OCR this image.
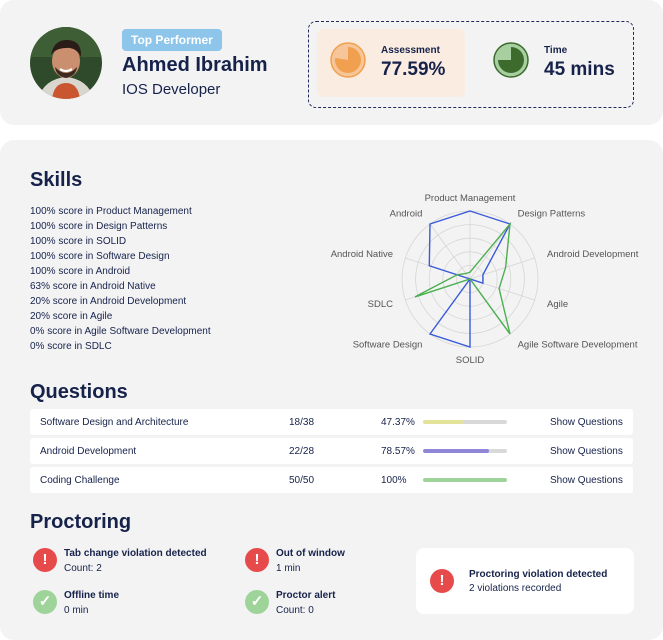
Top Performer
Ahmed Ibrahim
IOS Developer
Assessment
77.59%
Time
45 mins
Skills
100% score in Product Management
100% score in Design Patterns
100% score in SOLID
100% score in Software Design
100% score in Android
63% score in Android Native
20% score in Android Development
20% score in Agile
0% score in Agile Software Development
0% score in SDLC
Product Management
Design Patterns
Android Development
Agile
Agile Software Development
SOLID
Software Design
SDLC
Android Native
Android
Questions
Software Design and Architecture	18/38	47.37%	Show Questions
Android Development	22/28	78.57%	Show Questions
Coding Challenge	50/50	100%	Show Questions
Proctoring
!	Tab change violation detected
Count: 2
!	Out of window
1 min
✓	Offline time
0 min
✓	Proctor alert
Count: 0
!	Proctoring violation detected
2 violations recorded
